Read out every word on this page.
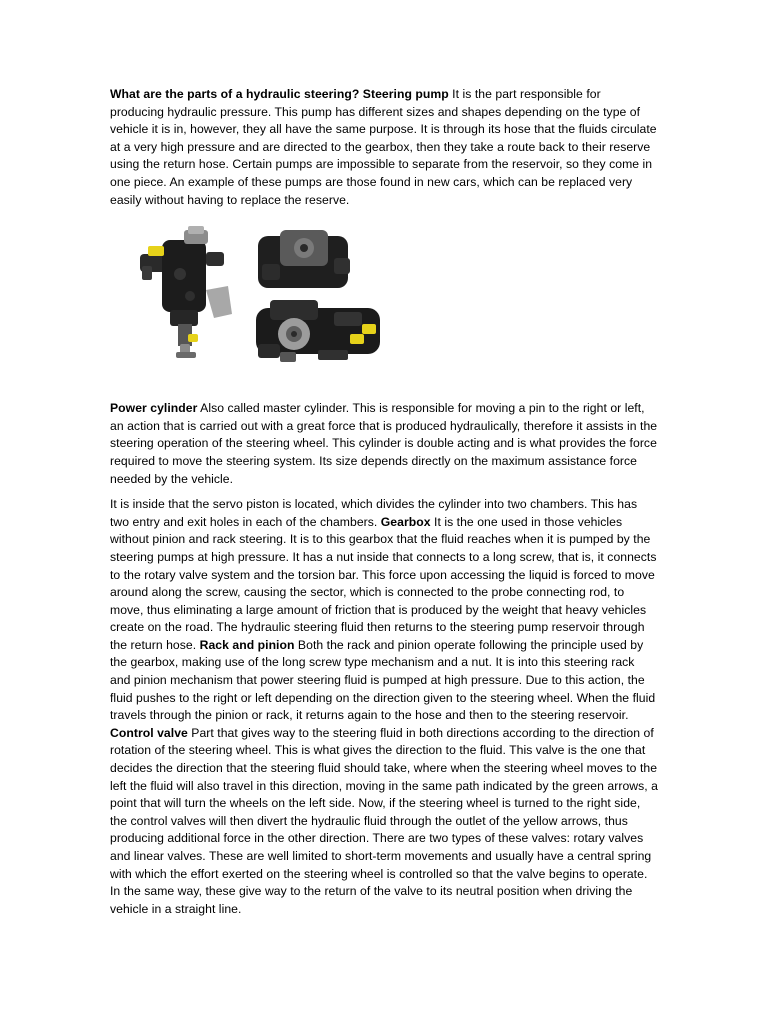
What are the parts of a hydraulic steering? Steering pump It is the part responsible for producing hydraulic pressure. This pump has different sizes and shapes depending on the type of vehicle it is in, however, they all have the same purpose. It is through its hose that the fluids circulate at a very high pressure and are directed to the gearbox, then they take a route back to their reserve using the return hose. Certain pumps are impossible to separate from the reservoir, so they come in one piece. An example of these pumps are those found in new cars, which can be replaced very easily without having to replace the reserve.

Power cylinder Also called master cylinder. This is responsible for moving a pin to the right or left, an action that is carried out with a great force that is produced hydraulically, therefore it assists in the steering operation of the steering wheel. This cylinder is double acting and is what provides the force required to move the steering system. Its size depends directly on the maximum assistance force needed by the vehicle.

It is inside that the servo piston is located, which divides the cylinder into two chambers. This has two entry and exit holes in each of the chambers. Gearbox It is the one used in those vehicles without pinion and rack steering. It is to this gearbox that the fluid reaches when it is pumped by the steering pumps at high pressure. It has a nut inside that connects to a long screw, that is, it connects to the rotary valve system and the torsion bar. This force upon accessing the liquid is forced to move around along the screw, causing the sector, which is connected to the probe connecting rod, to move, thus eliminating a large amount of friction that is produced by the weight that heavy vehicles create on the road. The hydraulic steering fluid then returns to the steering pump reservoir through the return hose. Rack and pinion Both the rack and pinion operate following the principle used by the gearbox, making use of the long screw type mechanism and a nut. It is into this steering rack and pinion mechanism that power steering fluid is pumped at high pressure. Due to this action, the fluid pushes to the right or left depending on the direction given to the steering wheel. When the fluid travels through the pinion or rack, it returns again to the hose and then to the steering reservoir. Control valve Part that gives way to the steering fluid in both directions according to the direction of rotation of the steering wheel. This is what gives the direction to the fluid. This valve is the one that decides the direction that the steering fluid should take, where when the steering wheel moves to the left the fluid will also travel in this direction, moving in the same path indicated by the green arrows, a point that will turn the wheels on the left side. Now, if the steering wheel is turned to the right side, the control valves will then divert the hydraulic fluid through the outlet of the yellow arrows, thus producing additional force in the other direction. There are two types of these valves: rotary valves and linear valves. These are well limited to short-term movements and usually have a central spring with which the effort exerted on the steering wheel is controlled so that the valve begins to operate. In the same way, these give way to the return of the valve to its neutral position when driving the vehicle in a straight line.
